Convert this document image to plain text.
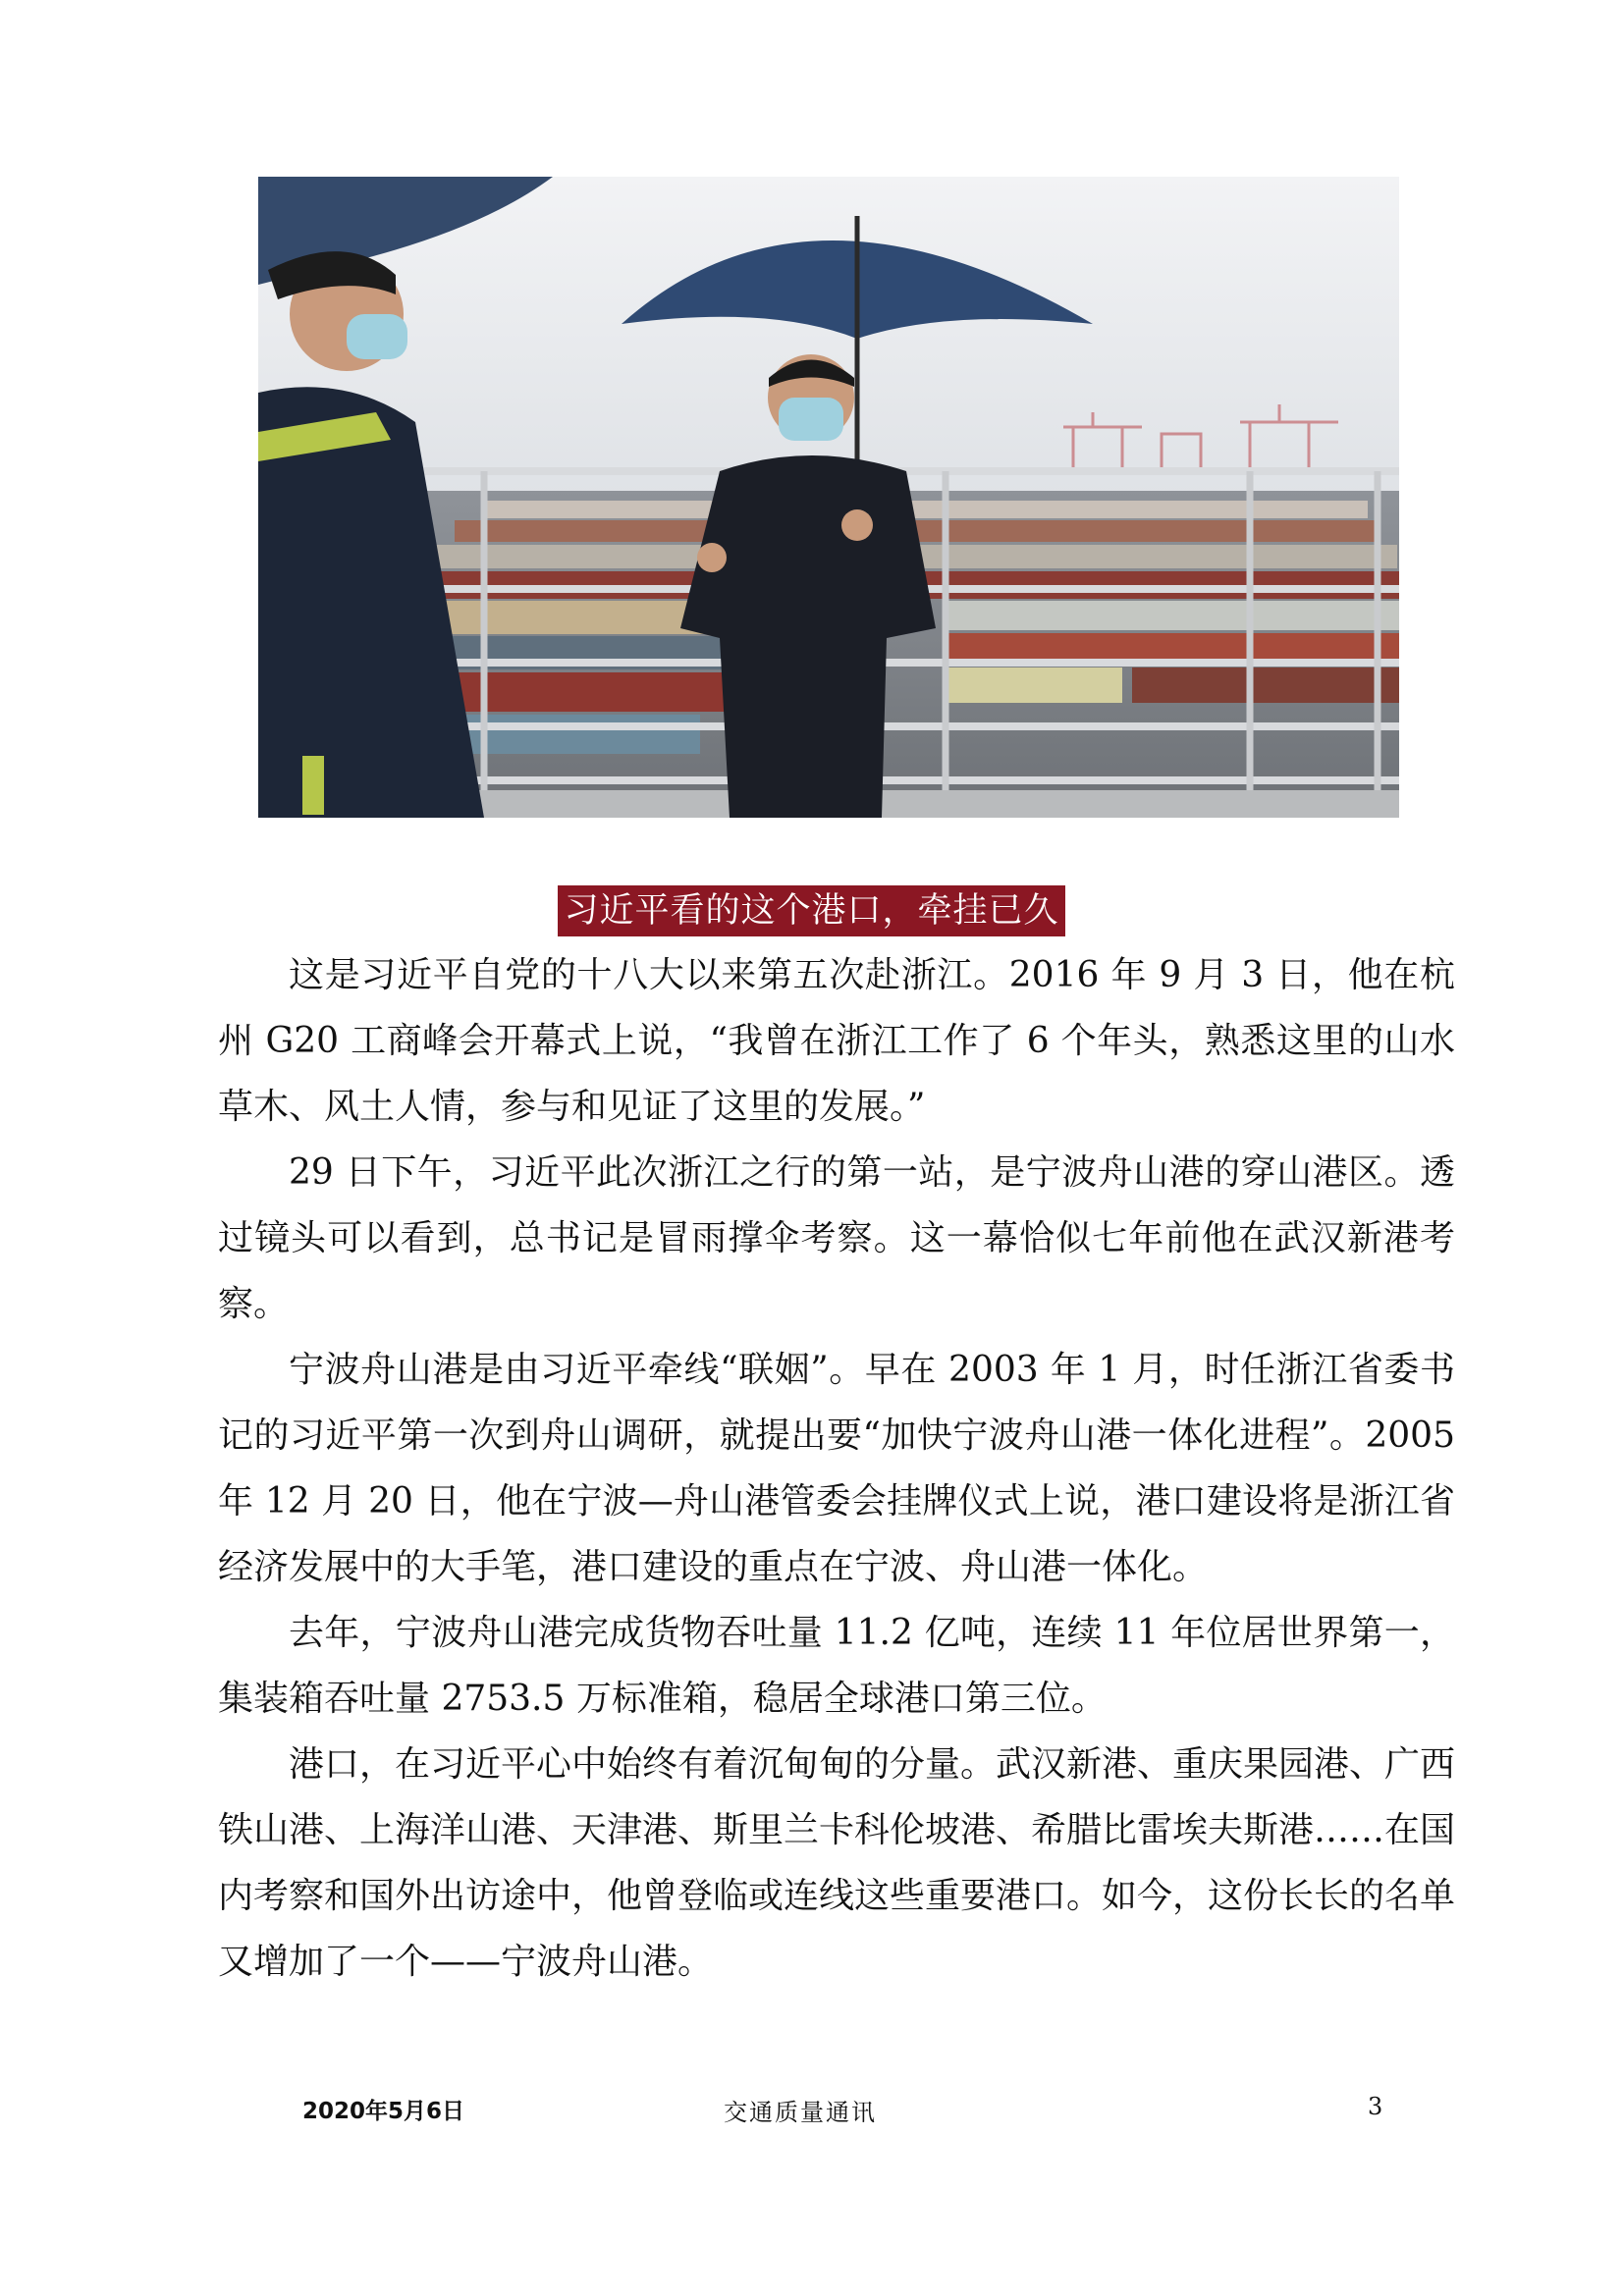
习近平看的这个港口，牵挂已久

这是习近平自党的十八大以来第五次赴浙江。2016 年 9 月 3 日，他在杭州 G20 工商峰会开幕式上说，“我曾在浙江工作了 6 个年头，熟悉这里的山水草木、风土人情，参与和见证了这里的发展。”

29 日下午，习近平此次浙江之行的第一站，是宁波舟山港的穿山港区。透过镜头可以看到，总书记是冒雨撑伞考察。这一幕恰似七年前他在武汉新港考察。

宁波舟山港是由习近平牵线“联姻”。早在 2003 年 1 月，时任浙江省委书记的习近平第一次到舟山调研，就提出要“加快宁波舟山港一体化进程”。2005 年 12 月 20 日，他在宁波—舟山港管委会挂牌仪式上说，港口建设将是浙江省经济发展中的大手笔，港口建设的重点在宁波、舟山港一体化。

去年，宁波舟山港完成货物吞吐量 11.2 亿吨，连续 11 年位居世界第一，集装箱吞吐量 2753.5 万标准箱，稳居全球港口第三位。

港口，在习近平心中始终有着沉甸甸的分量。武汉新港、重庆果园港、广西铁山港、上海洋山港、天津港、斯里兰卡科伦坡港、希腊比雷埃夫斯港……在国内考察和国外出访途中，他曾登临或连线这些重要港口。如今，这份长长的名单又增加了一个——宁波舟山港。

2020年5月6日	交通质量通讯	3
